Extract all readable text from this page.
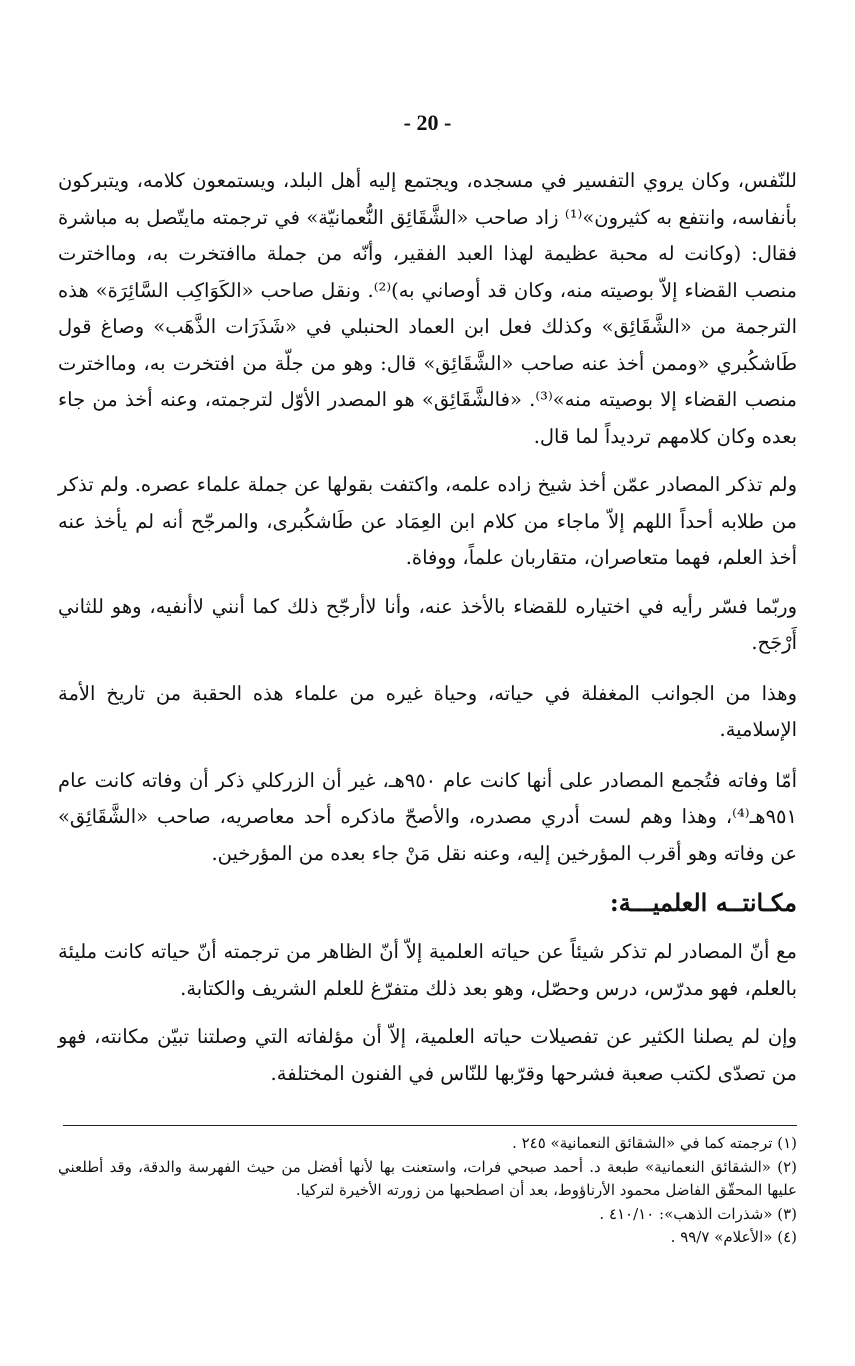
- 20 -

للنّفس، وكان يروي التفسير في مسجده، ويجتمع إليه أهل البلد، ويستمعون كلامه، ويتبركون بأنفاسه، وانتفع به كثيرون»⁽¹⁾ زاد صاحب «الشَّقَائِق النُّعمانيّة» في ترجمته مايتّصل به مباشرة فقال: (وكانت له محبة عظيمة لهذا العبد الفقير، وأنّه من جملة ماافتخرت به، ومااخترت منصب القضاء إلاّ بوصيته منه، وكان قد أوصاني به)⁽²⁾. ونقل صاحب «الكَوَاكِب السَّائِرَة» هذه الترجمة من «الشَّقَائِق» وكذلك فعل ابن العماد الحنبلي في «شَذَرَات الذَّهَب» وصاغ قول طَاشكُبري «وممن أخذ عنه صاحب «الشَّقَائِق» قال: وهو من جلّة من افتخرت به، ومااخترت منصب القضاء إلا بوصيته منه»⁽³⁾. «فالشَّقَائِق» هو المصدر الأوّل لترجمته، وعنه أخذ من جاء بعده وكان كلامهم ترديداً لما قال.

ولم تذكر المصادر عمّن أخذ شيخ زاده علمه، واكتفت بقولها عن جملة علماء عصره. ولم تذكر من طلابه أحداً اللهم إلاّ ماجاء من كلام ابن العِمَاد عن طَاشكُبرى، والمرجّح أنه لم يأخذ عنه أخذ العلم، فهما متعاصران، متقاربان علماً، ووفاة.

وربّما فسّر رأيه في اختياره للقضاء بالأخذ عنه، وأنا لاأرجّح ذلك كما أنني لاأنفيه، وهو للثاني أَرْجَح.

وهذا من الجوانب المغفلة في حياته، وحياة غيره من علماء هذه الحقبة من تاريخ الأمة الإسلامية.

أمّا وفاته فتُجمع المصادر على أنها كانت عام ٩٥٠هـ، غير أن الزركلي ذكر أن وفاته كانت عام ٩٥١هـ⁽⁴⁾، وهذا وهم لست أدري مصدره، والأصحّ ماذكره أحد معاصريه، صاحب «الشَّقَائِق» عن وفاته وهو أقرب المؤرخين إليه، وعنه نقل مَنْ جاء بعده من المؤرخين.

مكـانتــه العلميـــة:

مع أنّ المصادر لم تذكر شيئاً عن حياته العلمية إلاّ أنّ الظاهر من ترجمته أنّ حياته كانت مليئة بالعلم، فهو مدرّس، درس وحصّل، وهو بعد ذلك متفرّغ للعلم الشريف والكتابة.

وإن لم يصلنا الكثير عن تفصيلات حياته العلمية، إلاّ أن مؤلفاته التي وصلتنا تبيّن مكانته، فهو من تصدّى لكتب صعبة فشرحها وقرّبها للنّاس في الفنون المختلفة.

(١) ترجمته كما في «الشقائق النعمانية» ٢٤٥ .

(٢) «الشقائق النعمانية» طبعة د. أحمد صبحي فرات، واستعنت بها لأنها أفضل من حيث الفهرسة والدقة، وقد أطلعني عليها المحقّق الفاضل محمود الأرناؤوط، بعد أن اصطحبها من زورته الأخيرة لتركيا.

(٣) «شذرات الذهب»: ٤١٠/١٠ .

(٤) «الأعلام» ٩٩/٧ .
